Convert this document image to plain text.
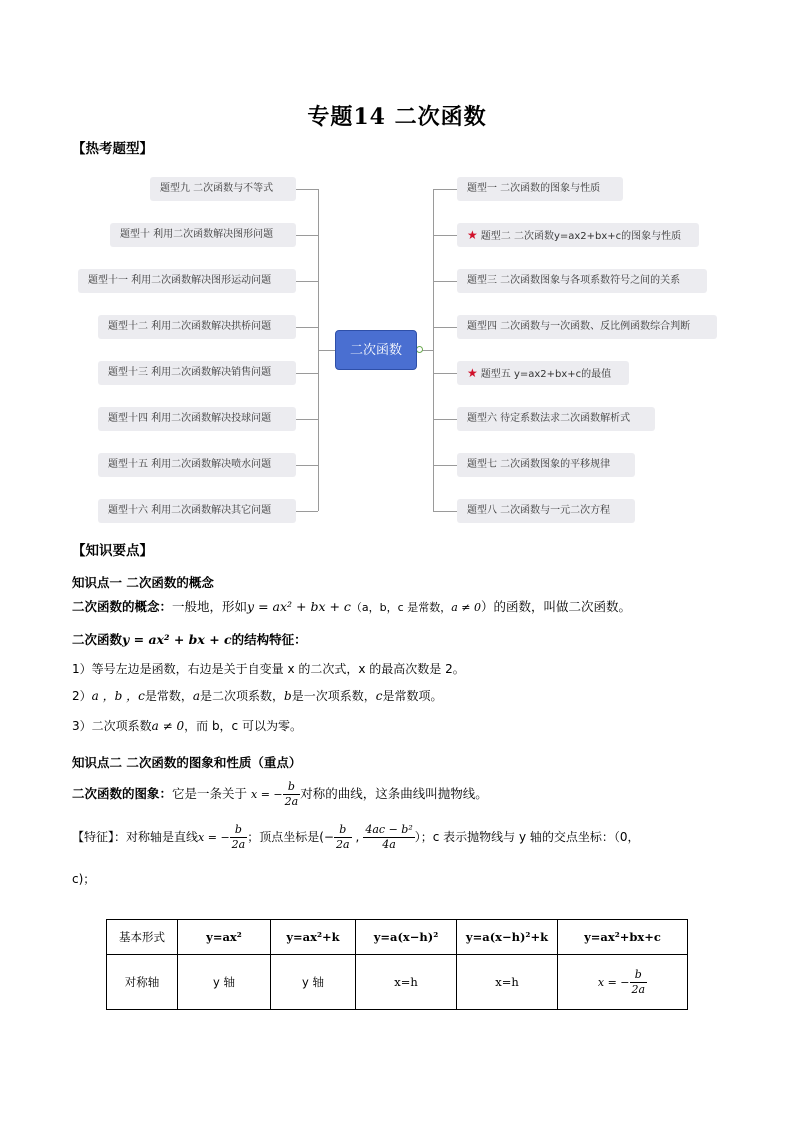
专题14 二次函数
【热考题型】
二次函数
题型九 二次函数与不等式
题型十 利用二次函数解决图形问题
题型十一 利用二次函数解决图形运动问题
题型十二 利用二次函数解决拱桥问题
题型十三 利用二次函数解决销售问题
题型十四 利用二次函数解决投球问题
题型十五 利用二次函数解决喷水问题
题型十六 利用二次函数解决其它问题
题型一 二次函数的图象与性质
★ 题型二 二次函数y=ax2+bx+c的图象与性质
题型三 二次函数图象与各项系数符号之间的关系
题型四 二次函数与一次函数、反比例函数综合判断
★ 题型五 y=ax2+bx+c的最值
题型六 待定系数法求二次函数解析式
题型七 二次函数图象的平移规律
题型八 二次函数与一元二次方程
【知识要点】
知识点一 二次函数的概念
二次函数的概念：一般地，形如y = ax² + bx + c（a，b，c 是常数，a ≠ 0）的函数，叫做二次函数。
二次函数y = ax² + bx + c的结构特征：
1）等号左边是函数，右边是关于自变量 x 的二次式，x 的最高次数是 2。
2）a ，b ，c是常数，a是二次项系数，b是一次项系数，c是常数项。
3）二次项系数a ≠ 0，而 b，c 可以为零。
知识点二 二次函数的图象和性质（重点）
二次函数的图象：它是一条关于 x = − $\frac{b}{2a}$ 对称的曲线，这条曲线叫抛物线。
【特征】：对称轴是直线x = − $\frac{b}{2a}$ ；顶点坐标是(− $\frac{b}{2a}$ , $\frac{\text{4ac − b²}}{4a}$ ）；c 表示抛物线与 y 轴的交点坐标：（0，
c)；
基本形式	y=ax²	y=ax²+k	y=a(x−h)²	y=a(x−h)²+k	y=ax²+bx+c
对称轴	y 轴	y 轴	x=h	x=h	x = − $\frac{b}{2a}$
